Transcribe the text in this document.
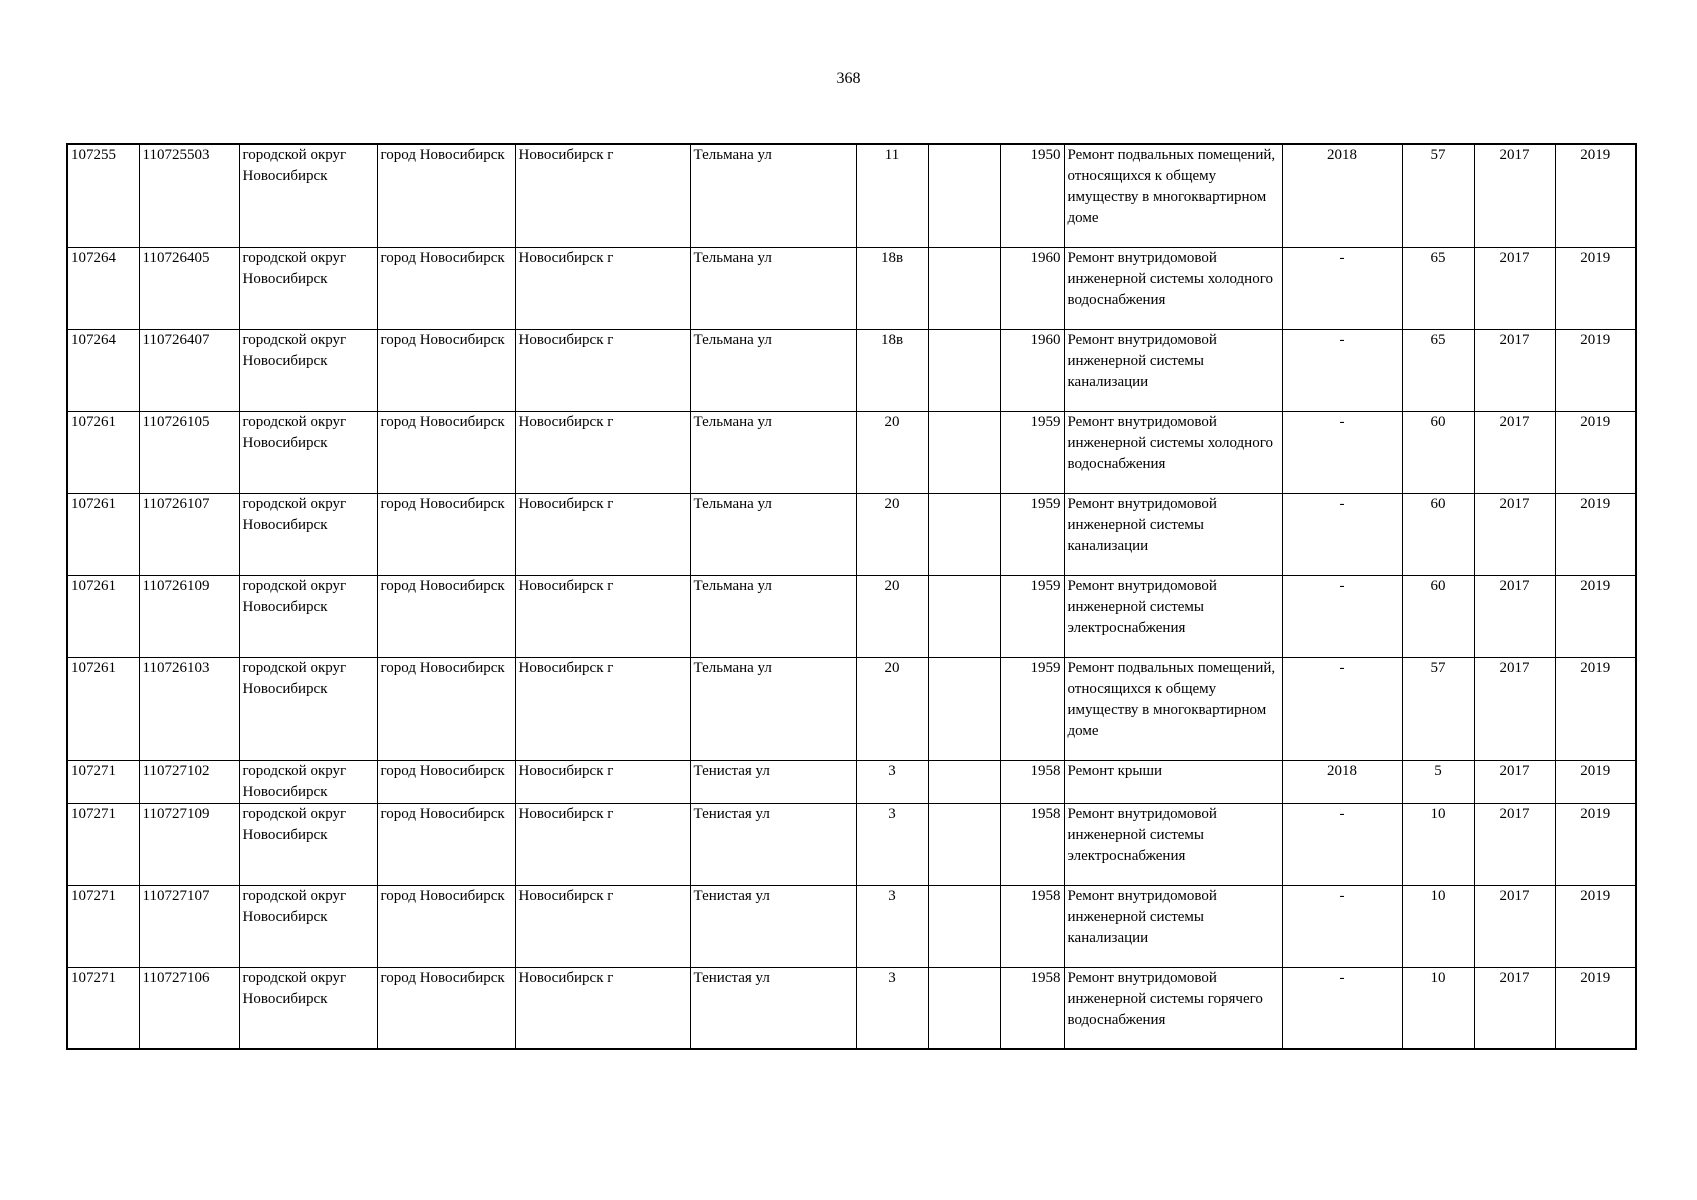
368
107255	110725503	городской округ Новосибирск	город Новосибирск	Новосибирск г	Тельмана ул	11		1950	Ремонт подвальных помещений, относящихся к общему имуществу в многоквартирном доме	2018	57	2017	2019
107264	110726405	городской округ Новосибирск	город Новосибирск	Новосибирск г	Тельмана ул	18в		1960	Ремонт внутридомовой инженерной системы холодного водоснабжения	-	65	2017	2019
107264	110726407	городской округ Новосибирск	город Новосибирск	Новосибирск г	Тельмана ул	18в		1960	Ремонт внутридомовой инженерной системы канализации	-	65	2017	2019
107261	110726105	городской округ Новосибирск	город Новосибирск	Новосибирск г	Тельмана ул	20		1959	Ремонт внутридомовой инженерной системы холодного водоснабжения	-	60	2017	2019
107261	110726107	городской округ Новосибирск	город Новосибирск	Новосибирск г	Тельмана ул	20		1959	Ремонт внутридомовой инженерной системы канализации	-	60	2017	2019
107261	110726109	городской округ Новосибирск	город Новосибирск	Новосибирск г	Тельмана ул	20		1959	Ремонт внутридомовой инженерной системы электроснабжения	-	60	2017	2019
107261	110726103	городской округ Новосибирск	город Новосибирск	Новосибирск г	Тельмана ул	20		1959	Ремонт подвальных помещений, относящихся к общему имуществу в многоквартирном доме	-	57	2017	2019
107271	110727102	городской округ Новосибирск	город Новосибирск	Новосибирск г	Тенистая ул	3		1958	Ремонт крыши	2018	5	2017	2019
107271	110727109	городской округ Новосибирск	город Новосибирск	Новосибирск г	Тенистая ул	3		1958	Ремонт внутридомовой инженерной системы электроснабжения	-	10	2017	2019
107271	110727107	городской округ Новосибирск	город Новосибирск	Новосибирск г	Тенистая ул	3		1958	Ремонт внутридомовой инженерной системы канализации	-	10	2017	2019
107271	110727106	городской округ Новосибирск	город Новосибирск	Новосибирск г	Тенистая ул	3		1958	Ремонт внутридомовой инженерной системы горячего водоснабжения	-	10	2017	2019
